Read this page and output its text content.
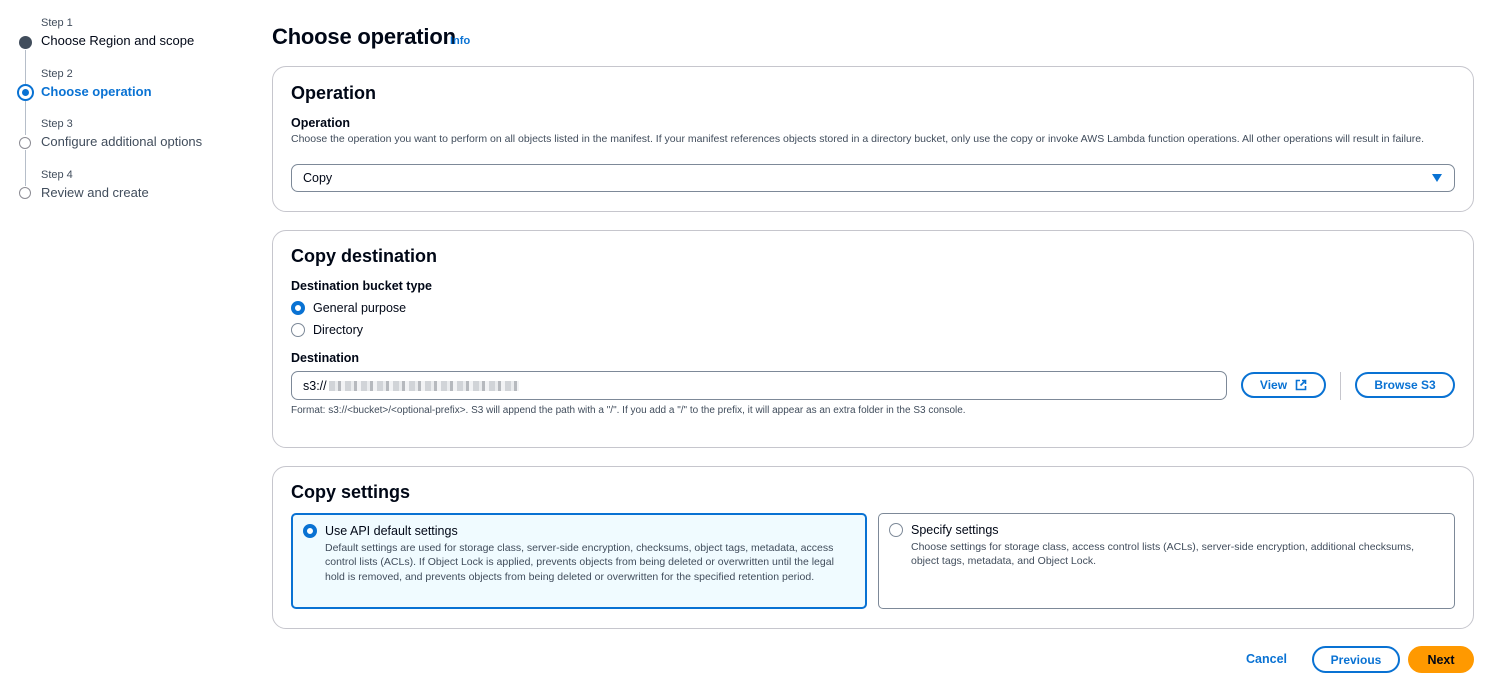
Step 1
Choose Region and scope
Step 2
Choose operation
Step 3
Configure additional options
Step 4
Review and create
Choose operation
Info
Operation
Operation
Choose the operation you want to perform on all objects listed in the manifest. If your manifest references objects stored in a directory bucket, only use the copy or invoke AWS Lambda function operations. All other operations will result in failure.
Copy
Copy destination
Destination bucket type
General purpose
Directory
Destination
s3://	View	Browse S3
Format: s3://<bucket>/<optional-prefix>. S3 will append the path with a "/". If you add a "/" to the prefix, it will appear as an extra folder in the S3 console.
Copy settings
Use API default settings
Default settings are used for storage class, server-side encryption, checksums, object tags, metadata, access control lists (ACLs). If Object Lock is applied, prevents objects from being deleted or overwritten until the legal hold is removed, and prevents objects from being deleted or overwritten for the specified retention period.
Specify settings
Choose settings for storage class, access control lists (ACLs), server-side encryption, additional checksums, object tags, metadata, and Object Lock.
Cancel	Previous	Next
